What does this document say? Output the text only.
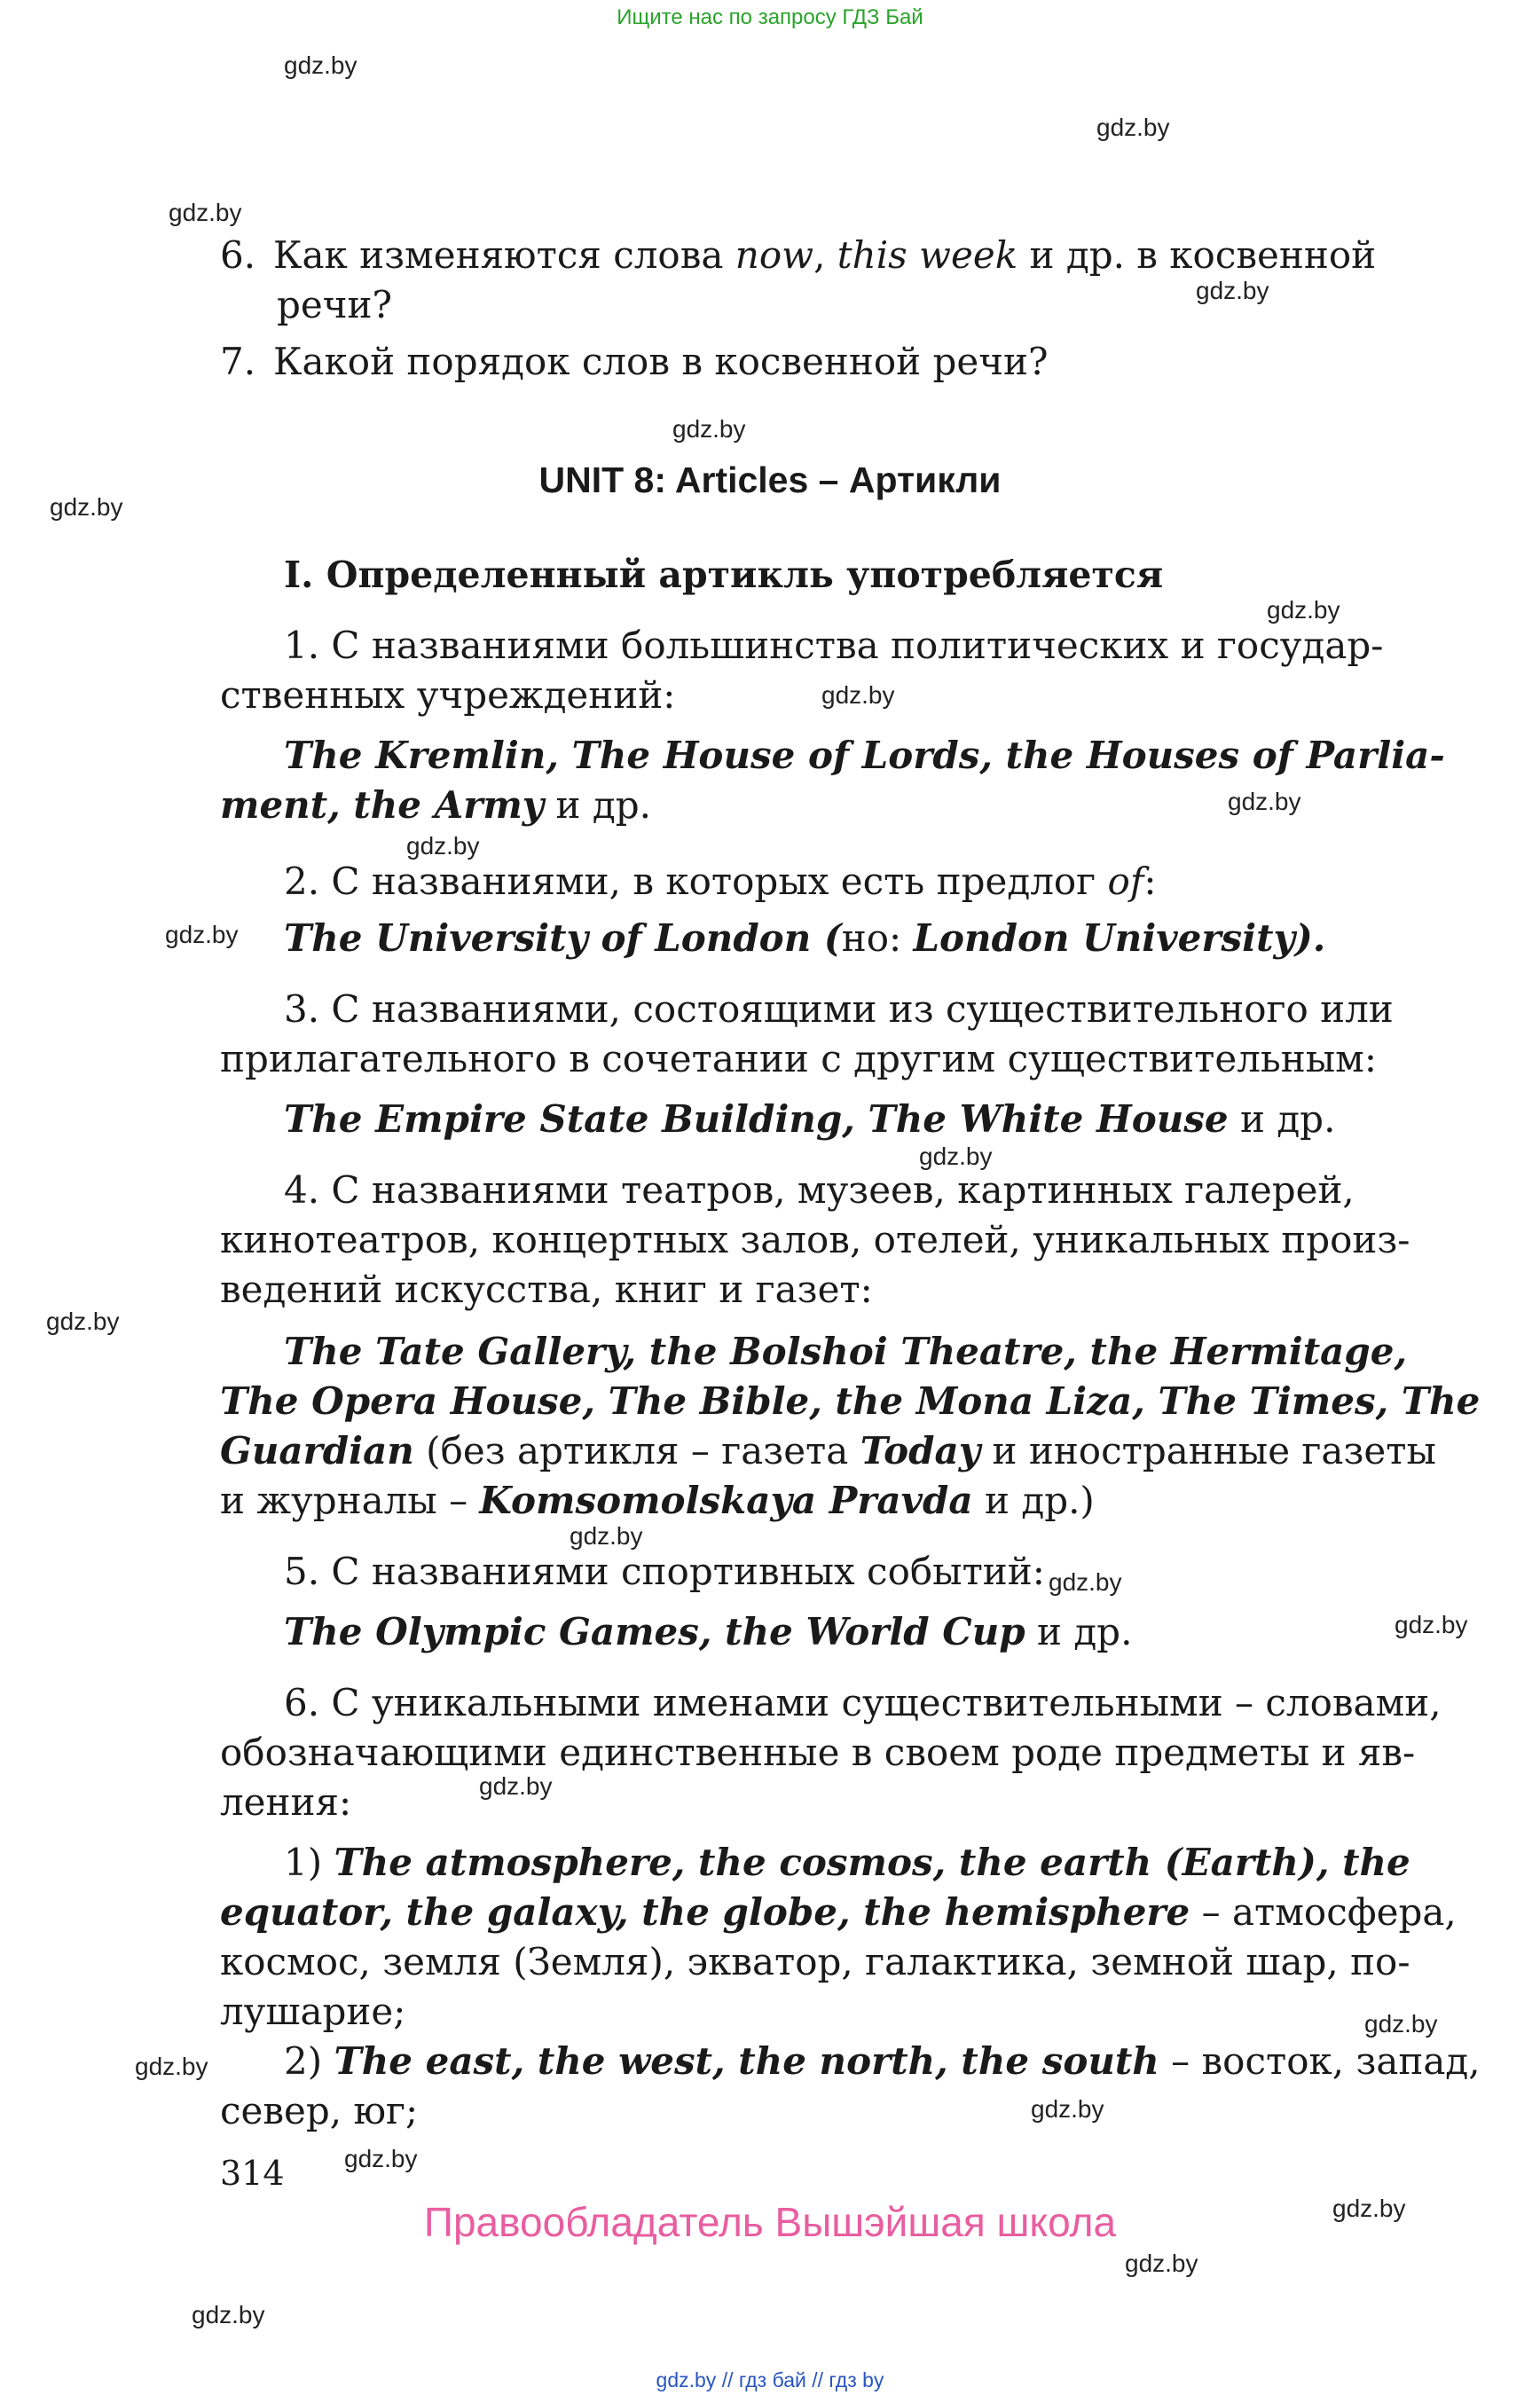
Ищите нас по запросу ГДЗ Бай
gdz.by
gdz.by
gdz.by
gdz.by
gdz.by
gdz.by
gdz.by
gdz.by
gdz.by
gdz.by
gdz.by
gdz.by
gdz.by
gdz.by
gdz.by
gdz.by
gdz.by
gdz.by
gdz.by
gdz.by
gdz.by
gdz.by
gdz.by
gdz.by
6. Как изменяются слова now, this week и др. в косвенной
речи?
7. Какой порядок слов в косвенной речи?
UNIT 8: Articles – Артикли
I. Определенный артикль употребляется
1. С названиями большинства политических и государ-
ственных учреждений:
The Kremlin, The House of Lords, the Houses of Parlia-
ment, the Army и др.
2. С названиями, в которых есть предлог of:
The University of London (но: London University).
3. С названиями, состоящими из существительного или
прилагательного в сочетании с другим существительным:
The Empire State Building, The White House и др.
4. С названиями театров, музеев, картинных галерей,
кинотеатров, концертных залов, отелей, уникальных произ-
ведений искусства, книг и газет:
The Tate Gallery, the Bolshoi Theatre, the Hermitage,
The Opera House, The Bible, the Mona Liza, The Times, The
Guardian (без артикля – газета Today и иностранные газеты
и журналы – Komsomolskaya Pravda и др.)
5. С названиями спортивных событий:
The Olympic Games, the World Cup и др.
6. С уникальными именами существительными – словами,
обозначающими единственные в своем роде предметы и яв-
ления:
1) The atmosphere, the cosmos, the earth (Earth), the
equator, the galaxy, the globe, the hemisphere – атмосфера,
космос, земля (Земля), экватор, галактика, земной шар, по-
лушарие;
2) The east, the west, the north, the south – восток, запад,
север, юг;
314
Правообладатель Вышэйшая школа
gdz.by // гдз бай // гдз by
